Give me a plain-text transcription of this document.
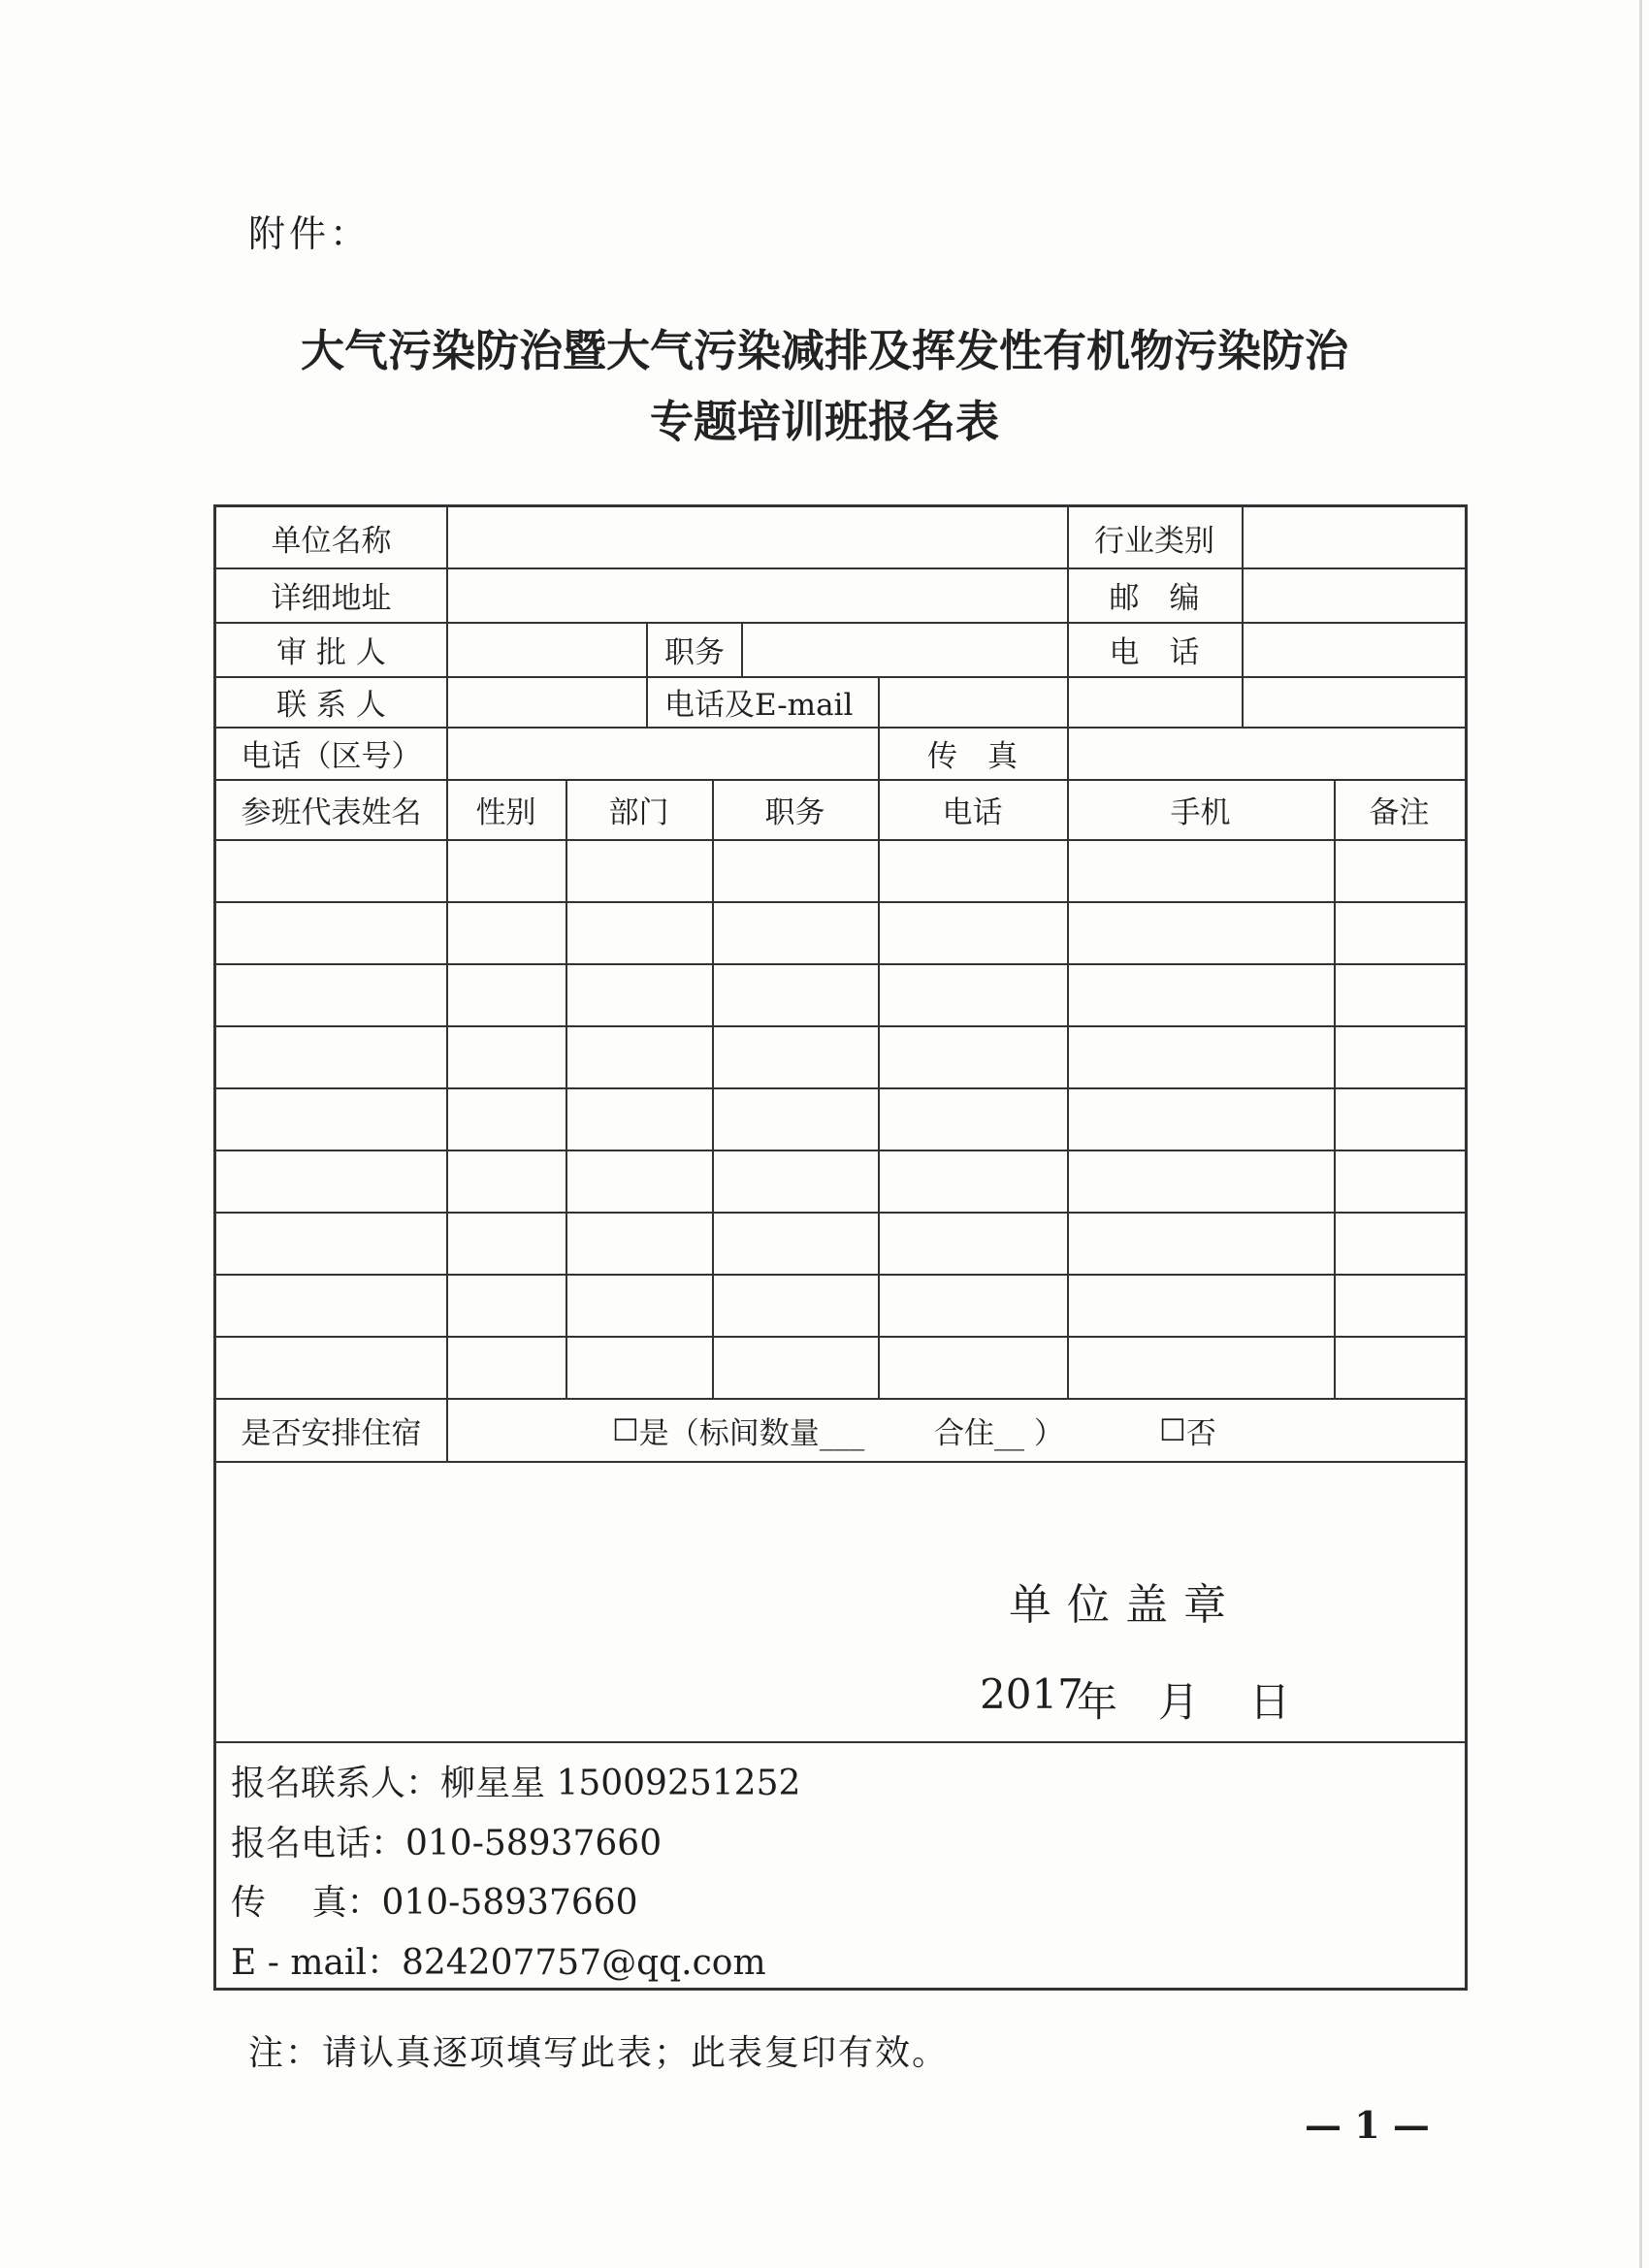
附件：
大气污染防治暨大气污染减排及挥发性有机物污染防治
专题培训班报名表
单位名称	行业类别
详细地址	邮　编
审 批 人	职务	电　话
联 系 人	电话及E-mail
电话（区号）	传　真
参班代表姓名	性别	部门	职务	电话	手机	备注
是否安排住宿	☐ 是（标间数量___ 合住__ ）	☐ 否
单位盖章
2017
年 月 日
报名联系人：柳星星 15009251252
报名电话：010-58937660
传　 真：010-58937660
E - mail：824207757@qq.com
注：请认真逐项填写此表；此表复印有效。
— 1 —
